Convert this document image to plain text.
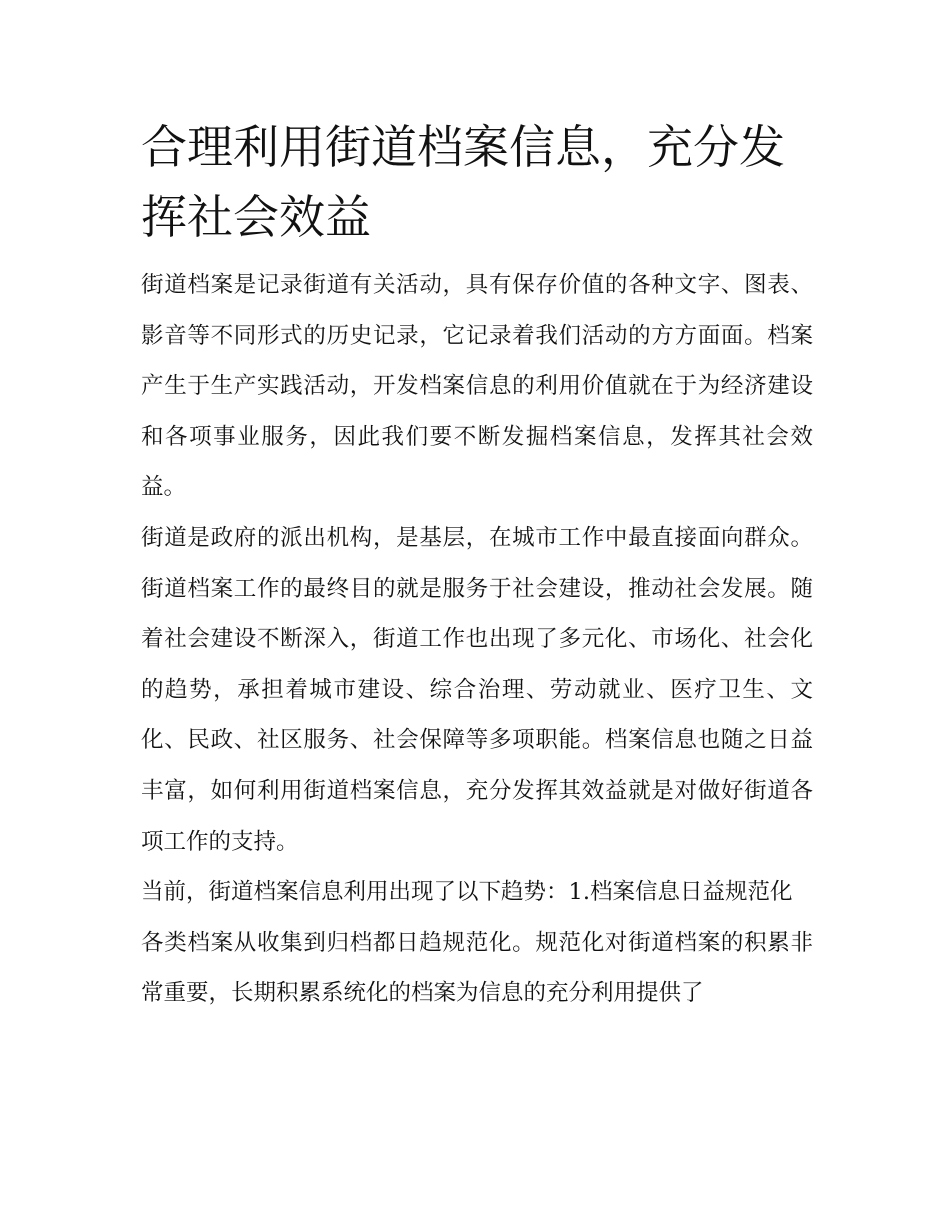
合理利用街道档案信息，充分发挥社会效益

街道档案是记录街道有关活动，具有保存价值的各种文字、图表、影音等不同形式的历史记录，它记录着我们活动的方方面面。档案产生于生产实践活动，开发档案信息的利用价值就在于为经济建设和各项事业服务，因此我们要不断发掘档案信息，发挥其社会效益。

街道是政府的派出机构，是基层，在城市工作中最直接面向群众。街道档案工作的最终目的就是服务于社会建设，推动社会发展。随着社会建设不断深入，街道工作也出现了多元化、市场化、社会化的趋势，承担着城市建设、综合治理、劳动就业、医疗卫生、文化、民政、社区服务、社会保障等多项职能。档案信息也随之日益丰富，如何利用街道档案信息，充分发挥其效益就是对做好街道各项工作的支持。

当前，街道档案信息利用出现了以下趋势：1.档案信息日益规范化

各类档案从收集到归档都日趋规范化。规范化对街道档案的积累非常重要，长期积累系统化的档案为信息的充分利用提供了
